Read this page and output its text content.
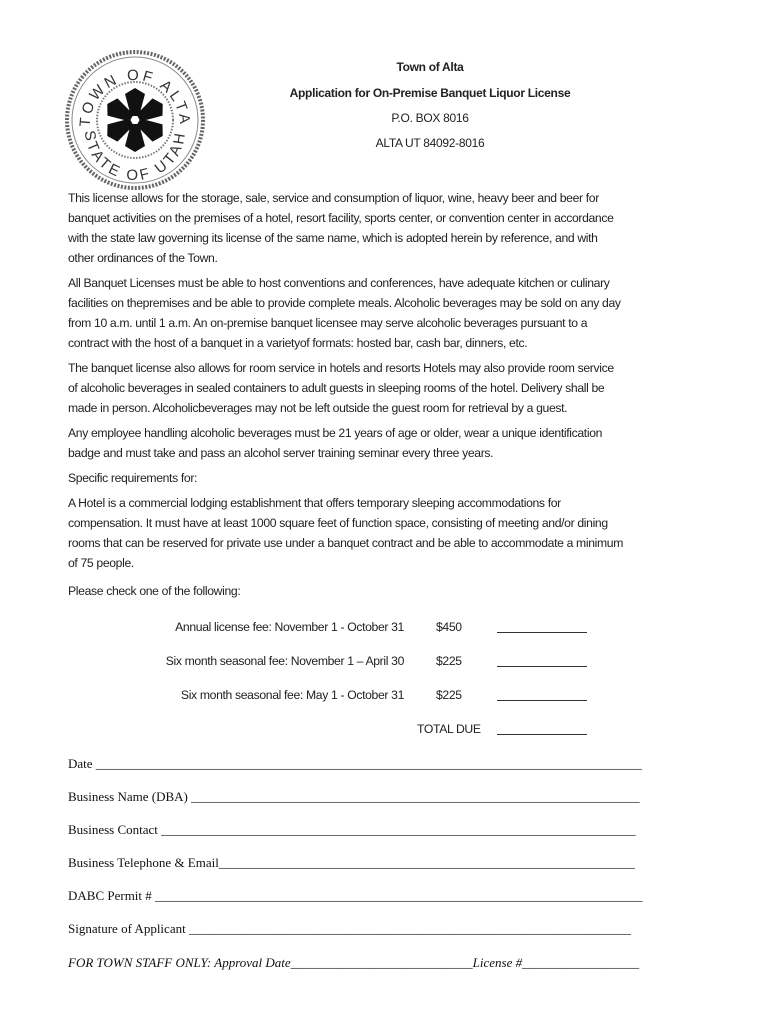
TOWN OF ALTA
STATE OF UTAH
Town of Alta
Application for On-Premise Banquet Liquor License
P.O. BOX 8016
ALTA UT 84092-8016
This license allows for the storage, sale, service and consumption of liquor, wine, heavy beer and beer for
banquet activities on the premises of a hotel, resort facility, sports center, or convention center in accordance
with the state law governing its license of the same name, which is adopted herein by reference, and with
other ordinances of the Town.
All Banquet Licenses must be able to host conventions and conferences, have adequate kitchen or culinary
facilities on thepremises and be able to provide complete meals. Alcoholic beverages may be sold on any day
from 10 a.m. until 1 a.m. An on-premise banquet licensee may serve alcoholic beverages pursuant to a
contract with the host of a banquet in a varietyof formats: hosted bar, cash bar, dinners, etc.
The banquet license also allows for room service in hotels and resorts Hotels may also provide room service
of alcoholic beverages in sealed containers to adult guests in sleeping rooms of the hotel. Delivery shall be
made in person. Alcoholicbeverages may not be left outside the guest room for retrieval by a guest.
Any employee handling alcoholic beverages must be 21 years of age or older, wear a unique identification
badge and must take and pass an alcohol server training seminar every three years.
Specific requirements for:
A Hotel is a commercial lodging establishment that offers temporary sleeping accommodations for
compensation. It must have at least 1000 square feet of function space, consisting of meeting and/or dining
rooms that can be reserved for private use under a banquet contract and be able to accommodate a minimum
of 75 people.
Please check one of the following:
Annual license fee: November 1 - October 31	$450
Six month seasonal fee: November 1 – April 30	$225
Six month seasonal fee: May 1 - October 31	$225
TOTAL DUE
Date ____________________________________________________________________________________
Business Name (DBA) _____________________________________________________________________
Business Contact _________________________________________________________________________
Business Telephone & Email________________________________________________________________
DABC Permit # ___________________________________________________________________________
Signature of Applicant ____________________________________________________________________
FOR TOWN STAFF ONLY: Approval Date____________________________License #__________________
